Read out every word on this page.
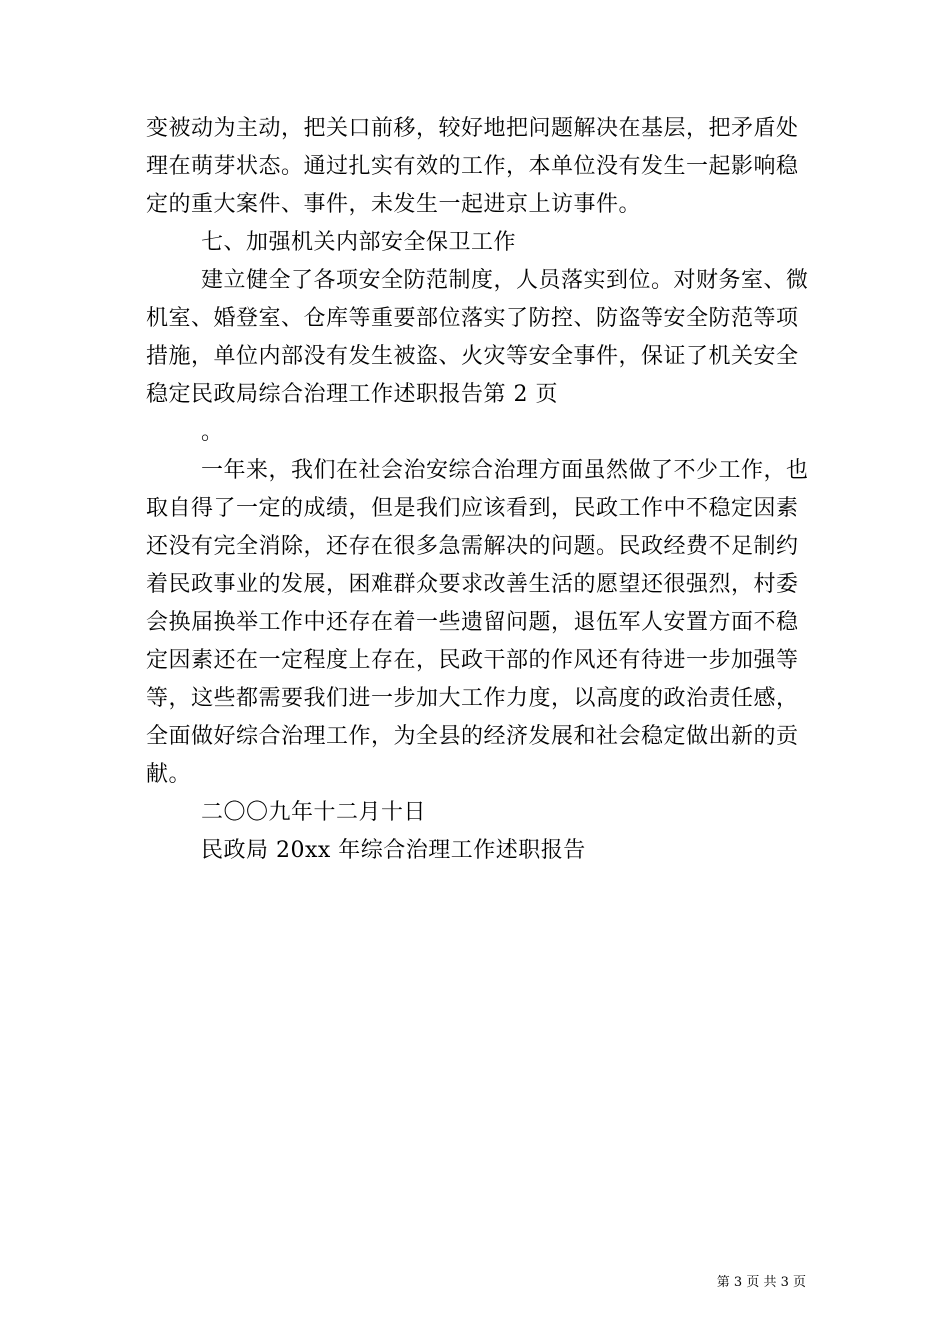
变被动为主动，把关口前移，较好地把问题解决在基层，把矛盾处
理在萌芽状态。通过扎实有效的工作，本单位没有发生一起影响稳
定的重大案件、事件，未发生一起进京上访事件。
七、加强机关内部安全保卫工作
建立健全了各项安全防范制度，人员落实到位。对财务室、微
机室、婚登室、仓库等重要部位落实了防控、防盗等安全防范等项
措施，单位内部没有发生被盗、火灾等安全事件，保证了机关安全
稳定民政局综合治理工作述职报告第 2 页
。
一年来，我们在社会治安综合治理方面虽然做了不少工作，也
取自得了一定的成绩，但是我们应该看到，民政工作中不稳定因素
还没有完全消除，还存在很多急需解决的问题。民政经费不足制约
着民政事业的发展，困难群众要求改善生活的愿望还很强烈，村委
会换届换举工作中还存在着一些遗留问题，退伍军人安置方面不稳
定因素还在一定程度上存在，民政干部的作风还有待进一步加强等
等，这些都需要我们进一步加大工作力度，以高度的政治责任感，
全面做好综合治理工作，为全县的经济发展和社会稳定做出新的贡
献。
二〇〇九年十二月十日
民政局 20xx 年综合治理工作述职报告
第 3 页 共 3 页
